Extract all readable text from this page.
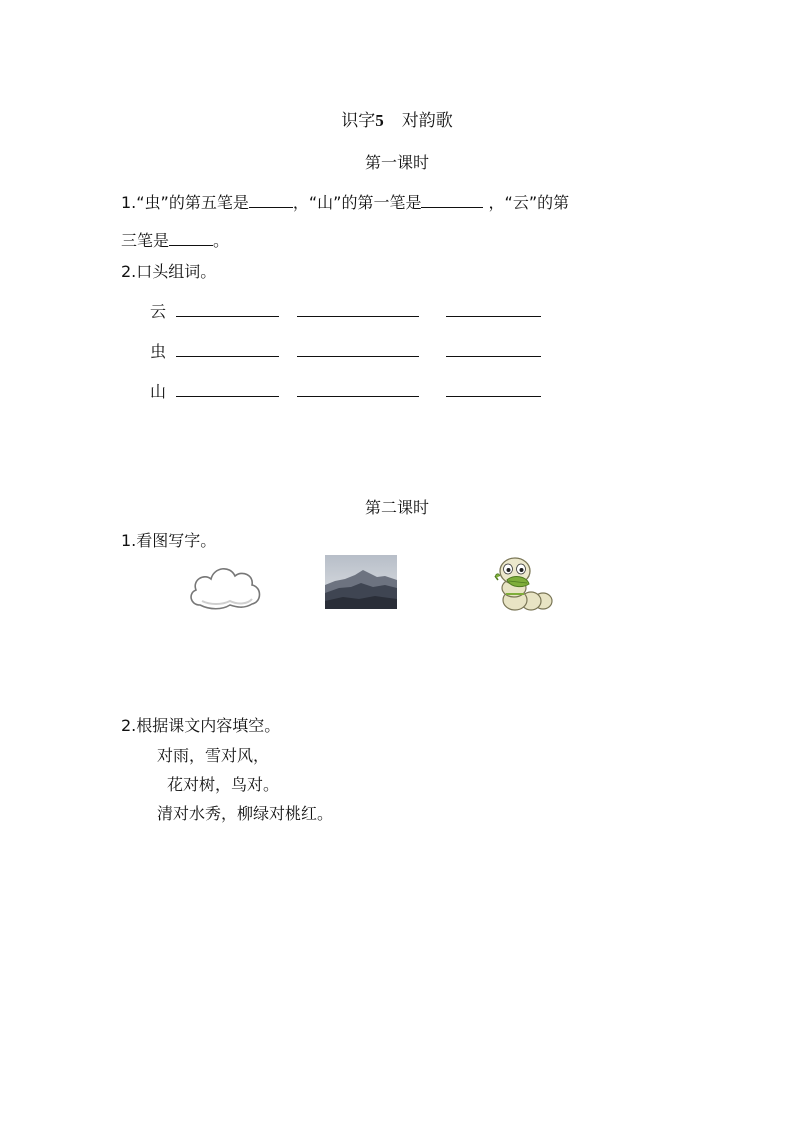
识字5 对韵歌
第一课时
1.“虫”的第五笔是	，“山”的第一笔是	，“云”的第
三笔是	。
2.口头组词。
云
虫
山
第二课时
1.看图写字。
2.根据课文内容填空。
对雨，雪对风，
花对树，鸟对。
清对水秀，柳绿对桃红。
